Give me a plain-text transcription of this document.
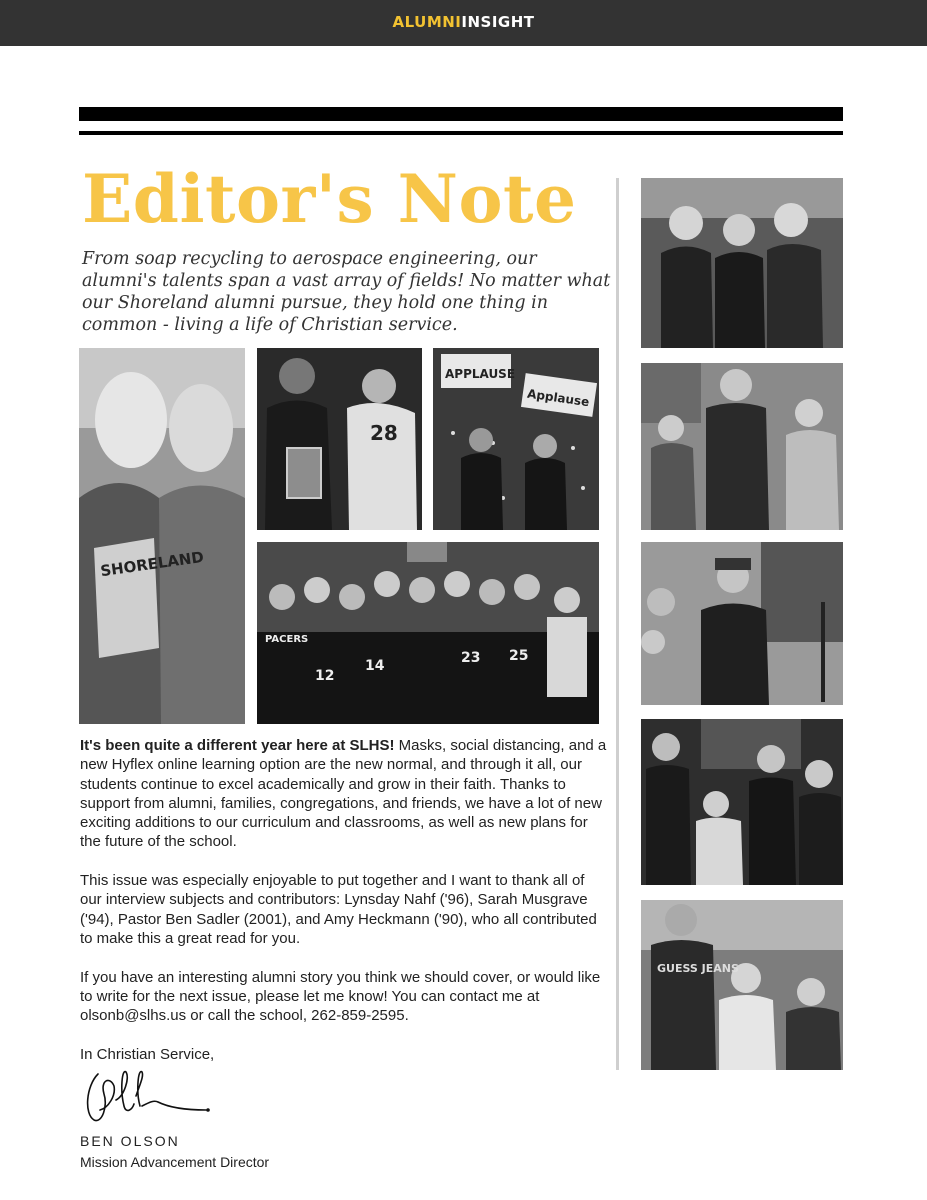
ALUMNIINSIGHT
Editor's Note

From soap recycling to aerospace engineering, our alumni's talents span a vast array of fields! No matter what our Shoreland alumni pursue, they hold one thing in common - living a life of Christian service.

SHORELAND
28
APPLAUSE
Applause
PACERS
12
14	23 25
GUESS JEANS

It's been quite a different year here at SLHS! Masks, social distancing, and a new Hyflex online learning option are the new normal, and through it all, our students continue to excel academically and grow in their faith. Thanks to support from alumni, families, congregations, and friends, we have a lot of new exciting additions to our curriculum and classrooms, as well as new plans for the future of the school.

This issue was especially enjoyable to put together and I want to thank all of our interview subjects and contributors: Lynsday Nahf ('96), Sarah Musgrave ('94), Pastor Ben Sadler (2001), and Amy Heckmann ('90), who all contributed to make this a great read for you.

If you have an interesting alumni story you think we should cover, or would like to write for the next issue, please let me know! You can contact me at olsonb@slhs.us or call the school, 262-859-2595.

In Christian Service,

BEN OLSON
Mission Advancement Director
